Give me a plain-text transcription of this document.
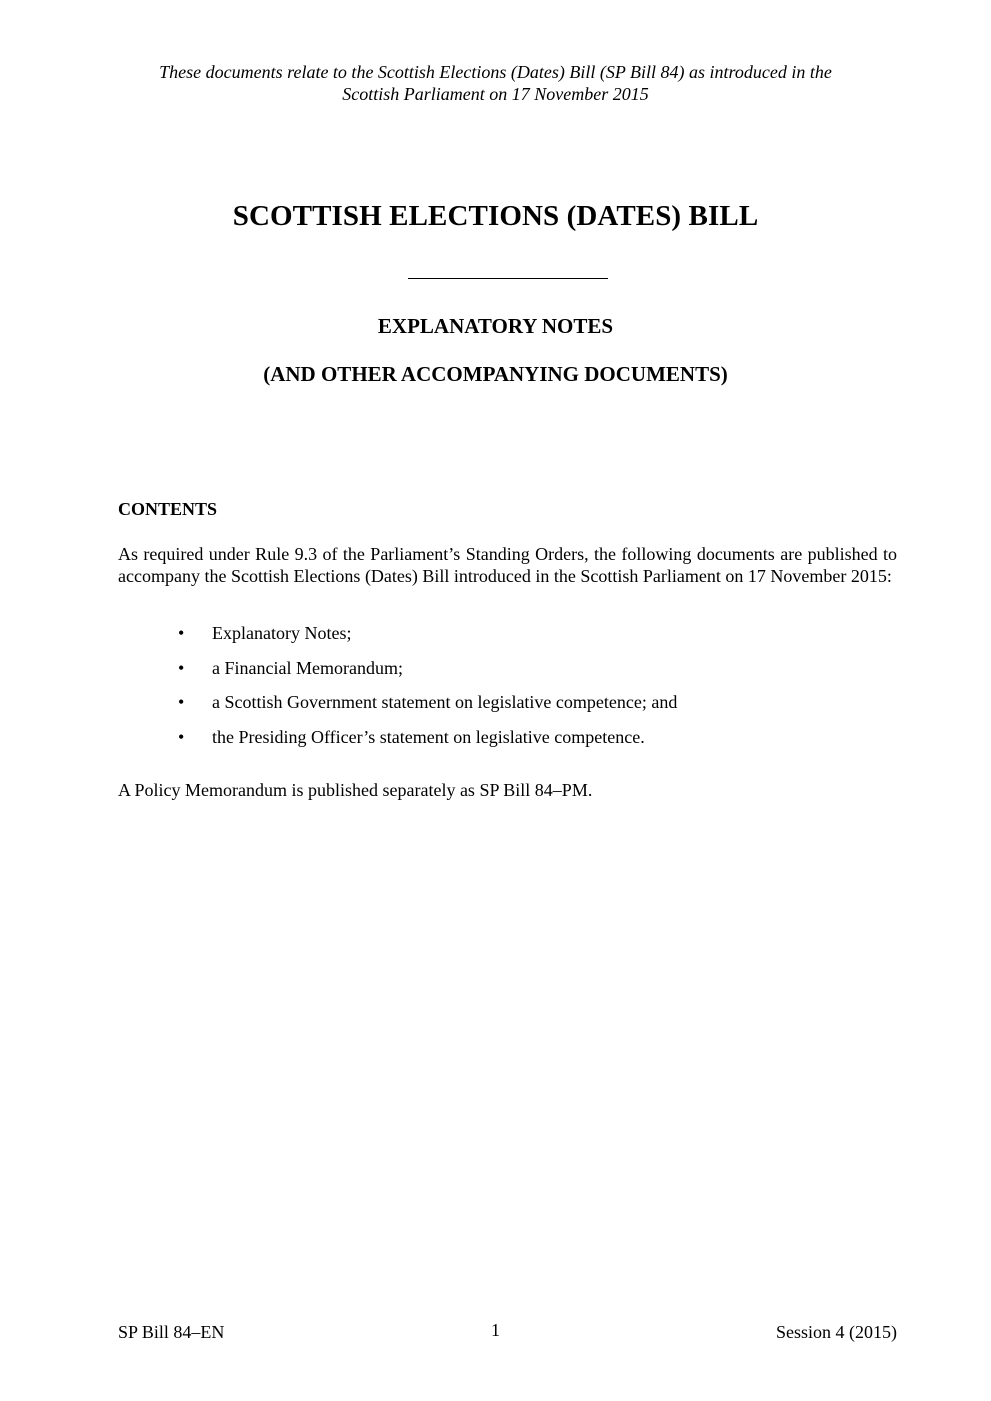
These documents relate to the Scottish Elections (Dates) Bill (SP Bill 84) as introduced in the
Scottish Parliament on 17 November 2015
SCOTTISH ELECTIONS (DATES) BILL
EXPLANATORY NOTES
(AND OTHER ACCOMPANYING DOCUMENTS)
CONTENTS
As required under Rule 9.3 of the Parliament’s Standing Orders, the following documents are published to accompany the Scottish Elections (Dates) Bill introduced in the Scottish Parliament on 17 November 2015:
• Explanatory Notes;
• a Financial Memorandum;
• a Scottish Government statement on legislative competence; and
• the Presiding Officer’s statement on legislative competence.
A Policy Memorandum is published separately as SP Bill 84–PM.
SP Bill 84–EN	1	Session 4 (2015)
